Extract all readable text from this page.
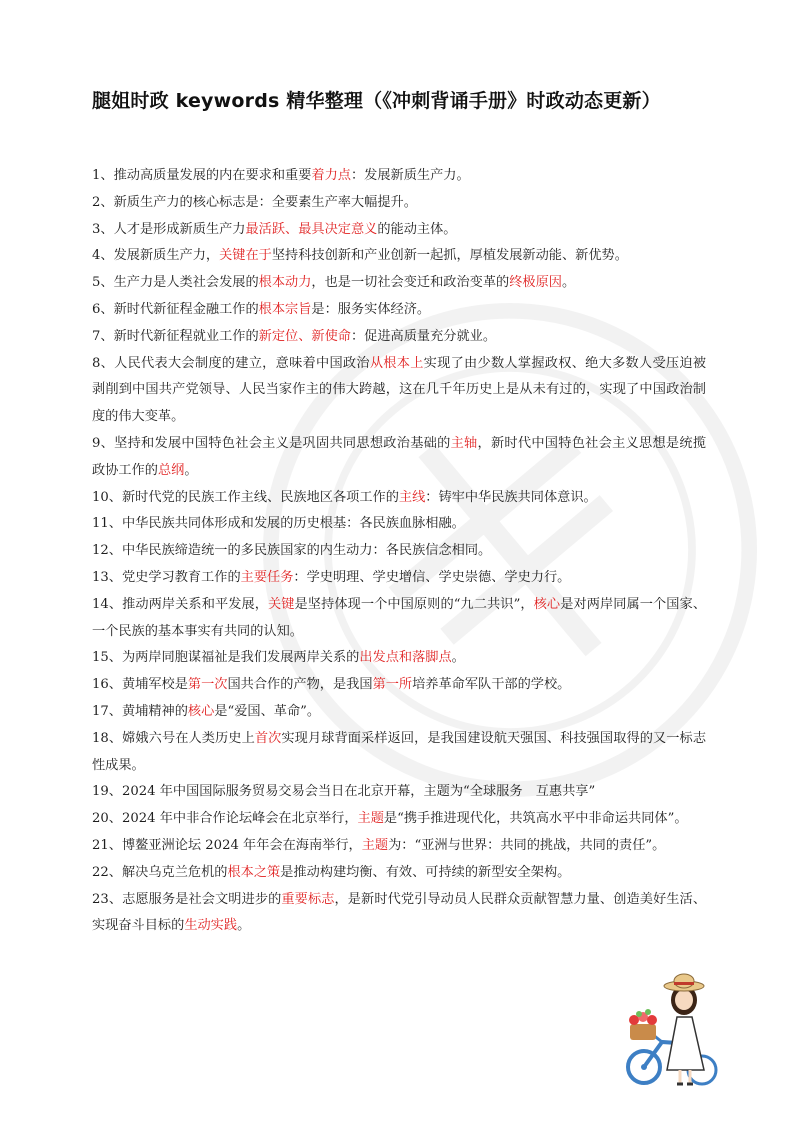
腿姐时政 keywords 精华整理（《冲刺背诵手册》时政动态更新）

1、推动高质量发展的内在要求和重要着力点：发展新质生产力。

2、新质生产力的核心标志是：全要素生产率大幅提升。

3、人才是形成新质生产力最活跃、最具决定意义的能动主体。

4、发展新质生产力，关键在于坚持科技创新和产业创新一起抓，厚植发展新动能、新优势。

5、生产力是人类社会发展的根本动力，也是一切社会变迁和政治变革的终极原因。

6、新时代新征程金融工作的根本宗旨是：服务实体经济。

7、新时代新征程就业工作的新定位、新使命：促进高质量充分就业。

8、人民代表大会制度的建立，意味着中国政治从根本上实现了由少数人掌握政权、绝大多数人受压迫被剥削到中国共产党领导、人民当家作主的伟大跨越，这在几千年历史上是从未有过的，实现了中国政治制度的伟大变革。

9、坚持和发展中国特色社会主义是巩固共同思想政治基础的主轴，新时代中国特色社会主义思想是统揽政协工作的总纲。

10、新时代党的民族工作主线、民族地区各项工作的主线：铸牢中华民族共同体意识。

11、中华民族共同体形成和发展的历史根基：各民族血脉相融。

12、中华民族缔造统一的多民族国家的内生动力：各民族信念相同。

13、党史学习教育工作的主要任务：学史明理、学史增信、学史崇德、学史力行。

14、推动两岸关系和平发展，关键是坚持体现一个中国原则的“九二共识”，核心是对两岸同属一个国家、一个民族的基本事实有共同的认知。

15、为两岸同胞谋福祉是我们发展两岸关系的出发点和落脚点。

16、黄埔军校是第一次国共合作的产物，是我国第一所培养革命军队干部的学校。

17、黄埔精神的核心是“爱国、革命”。

18、嫦娥六号在人类历史上首次实现月球背面采样返回，是我国建设航天强国、科技强国取得的又一标志性成果。

19、2024 年中国国际服务贸易交易会当日在北京开幕，主题为“全球服务　互惠共享”

20、2024 年中非合作论坛峰会在北京举行，主题是“携手推进现代化，共筑高水平中非命运共同体”。

21、博鳌亚洲论坛 2024 年年会在海南举行，主题为：“亚洲与世界：共同的挑战，共同的责任”。

22、解决乌克兰危机的根本之策是推动构建均衡、有效、可持续的新型安全架构。

23、志愿服务是社会文明进步的重要标志，是新时代党引导动员人民群众贡献智慧力量、创造美好生活、实现奋斗目标的生动实践。
